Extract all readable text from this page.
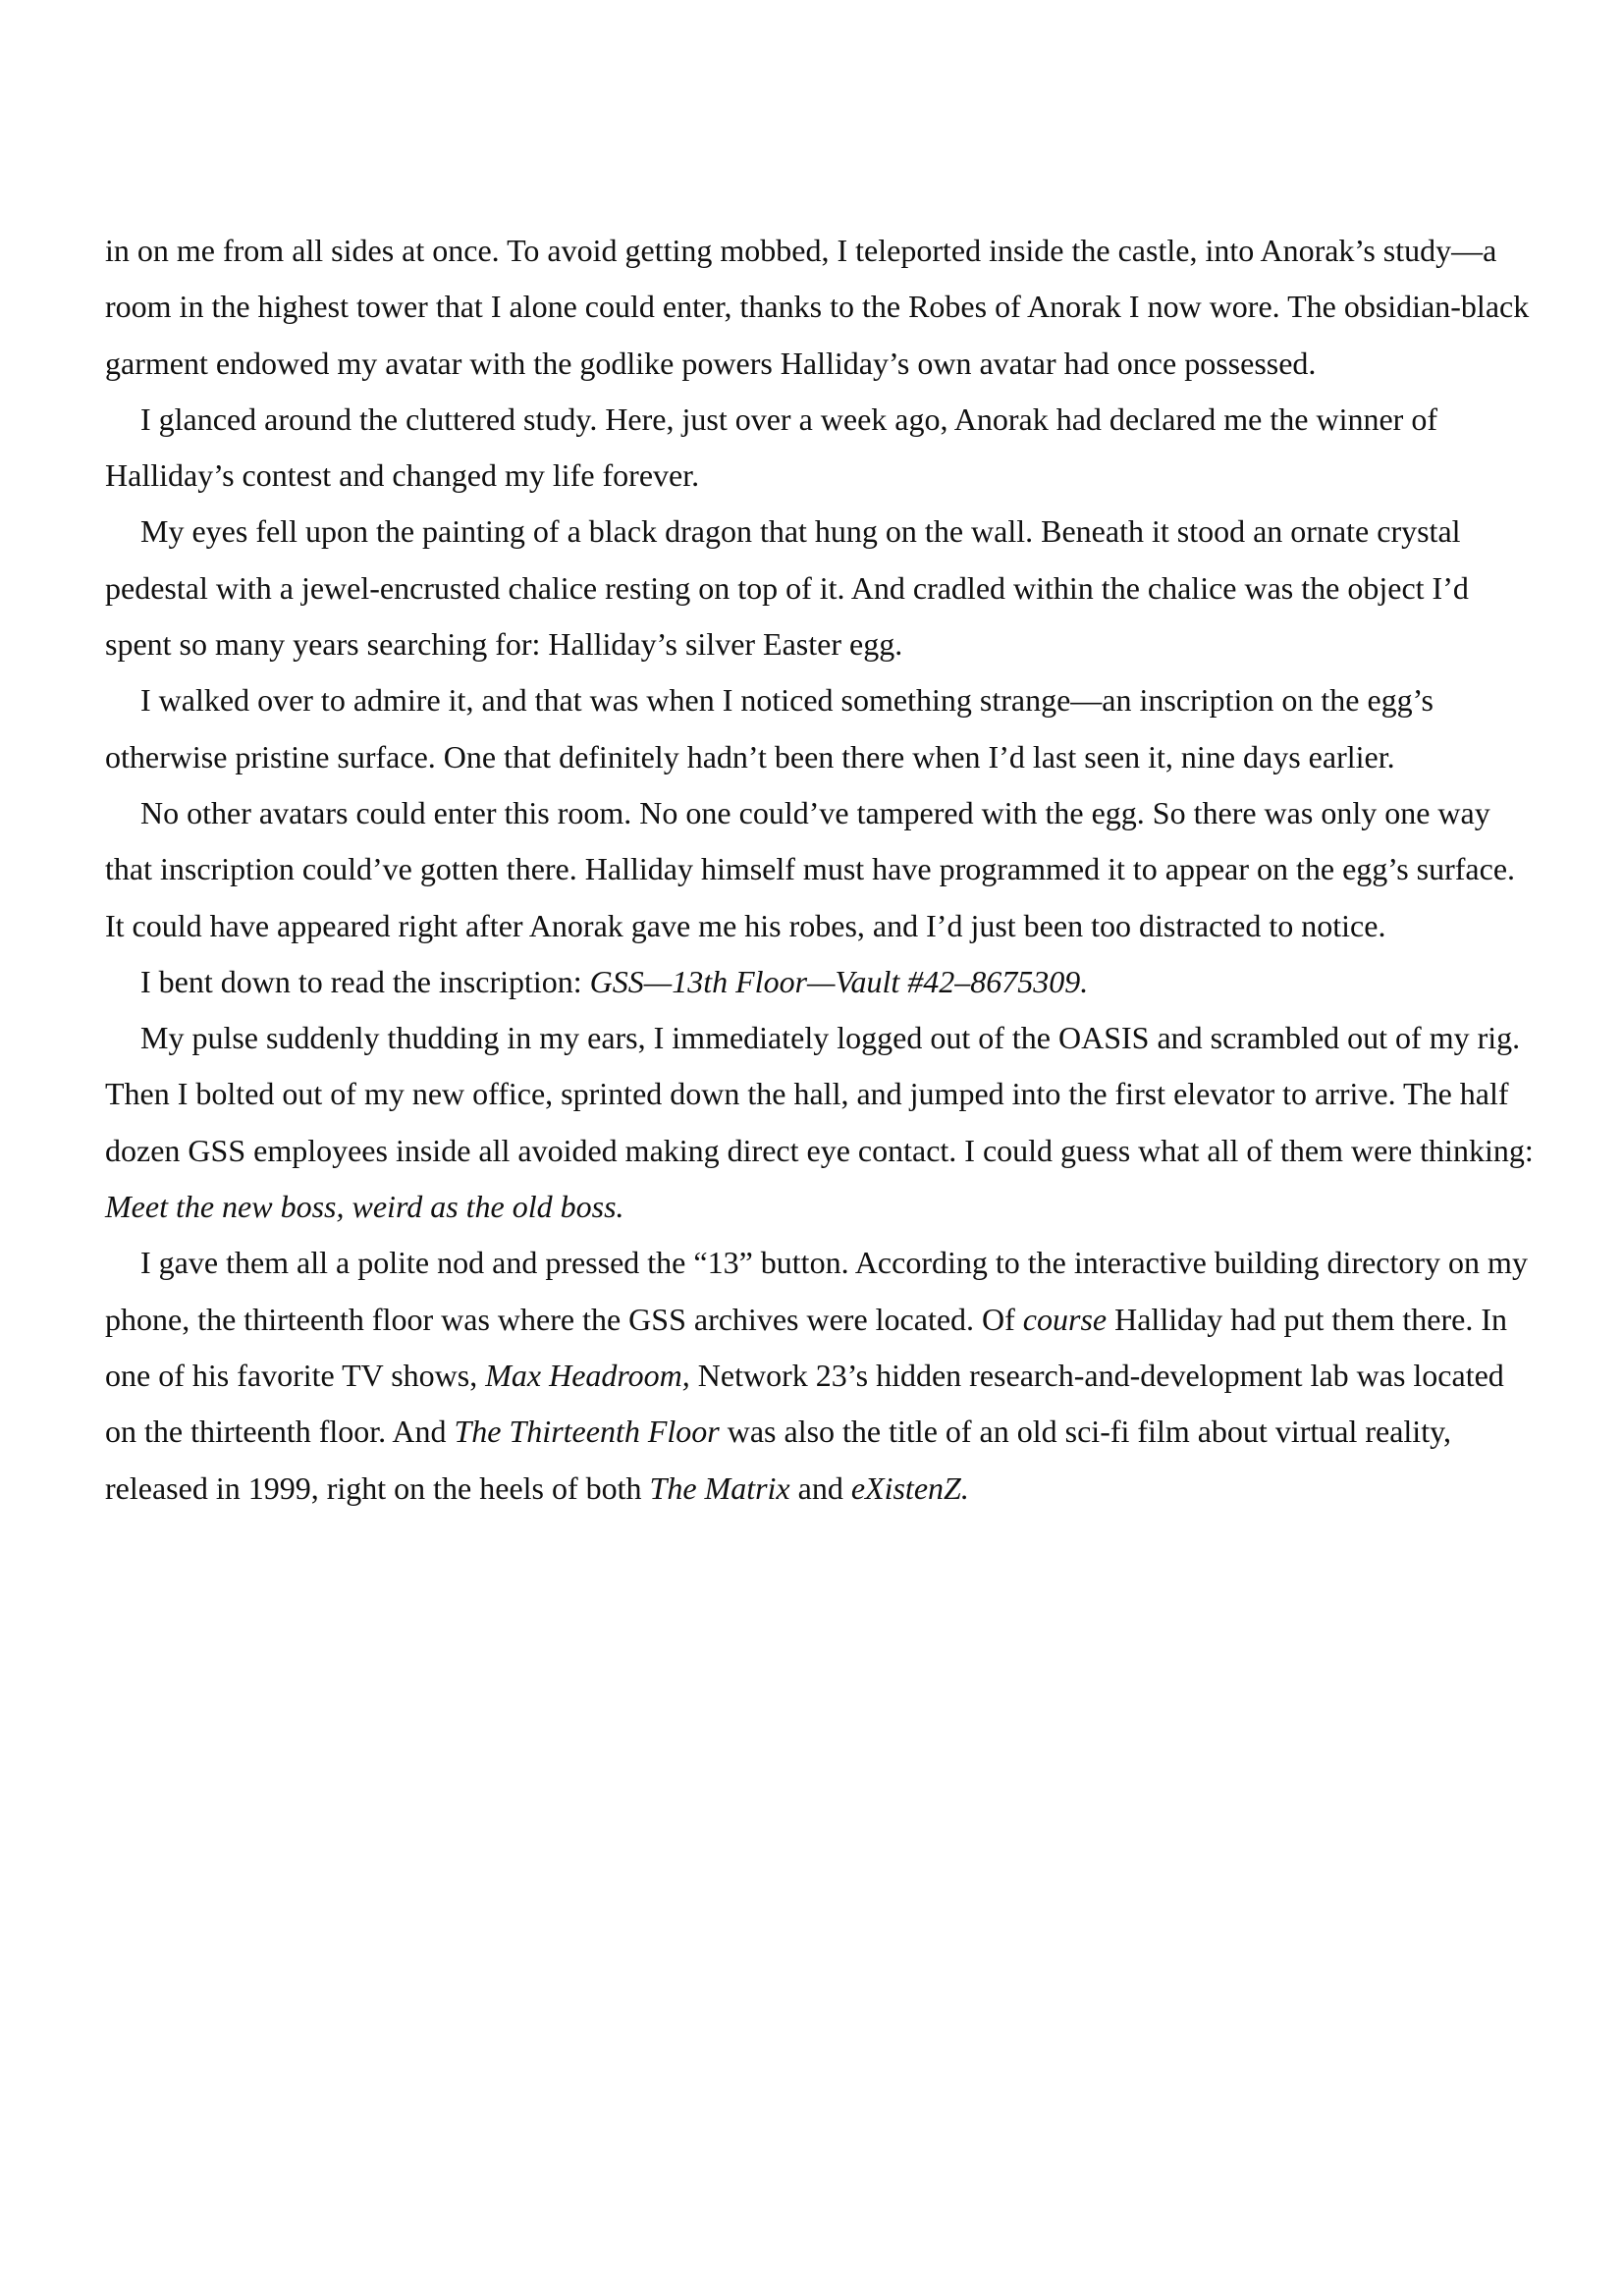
in on me from all sides at once. To avoid getting mobbed, I teleported inside the castle, into Anorak’s study—a room in the highest tower that I alone could enter, thanks to the Robes of Anorak I now wore. The obsidian-black garment endowed my avatar with the godlike powers Halliday’s own avatar had once possessed.

I glanced around the cluttered study. Here, just over a week ago, Anorak had declared me the winner of Halliday’s contest and changed my life forever.

My eyes fell upon the painting of a black dragon that hung on the wall. Beneath it stood an ornate crystal pedestal with a jewel-encrusted chalice resting on top of it. And cradled within the chalice was the object I’d spent so many years searching for: Halliday’s silver Easter egg.

I walked over to admire it, and that was when I noticed something strange—an inscription on the egg’s otherwise pristine surface. One that definitely hadn’t been there when I’d last seen it, nine days earlier.

No other avatars could enter this room. No one could’ve tampered with the egg. So there was only one way that inscription could’ve gotten there. Halliday himself must have programmed it to appear on the egg’s surface. It could have appeared right after Anorak gave me his robes, and I’d just been too distracted to notice.

I bent down to read the inscription: GSS—13th Floor—Vault #42–8675309.

My pulse suddenly thudding in my ears, I immediately logged out of the OASIS and scrambled out of my rig. Then I bolted out of my new office, sprinted down the hall, and jumped into the first elevator to arrive. The half dozen GSS employees inside all avoided making direct eye contact. I could guess what all of them were thinking: Meet the new boss, weird as the old boss.

I gave them all a polite nod and pressed the “13” button. According to the interactive building directory on my phone, the thirteenth floor was where the GSS archives were located. Of course Halliday had put them there. In one of his favorite TV shows, Max Headroom, Network 23’s hidden research-and-development lab was located on the thirteenth floor. And The Thirteenth Floor was also the title of an old sci-fi film about virtual reality, released in 1999, right on the heels of both The Matrix and eXistenZ.
